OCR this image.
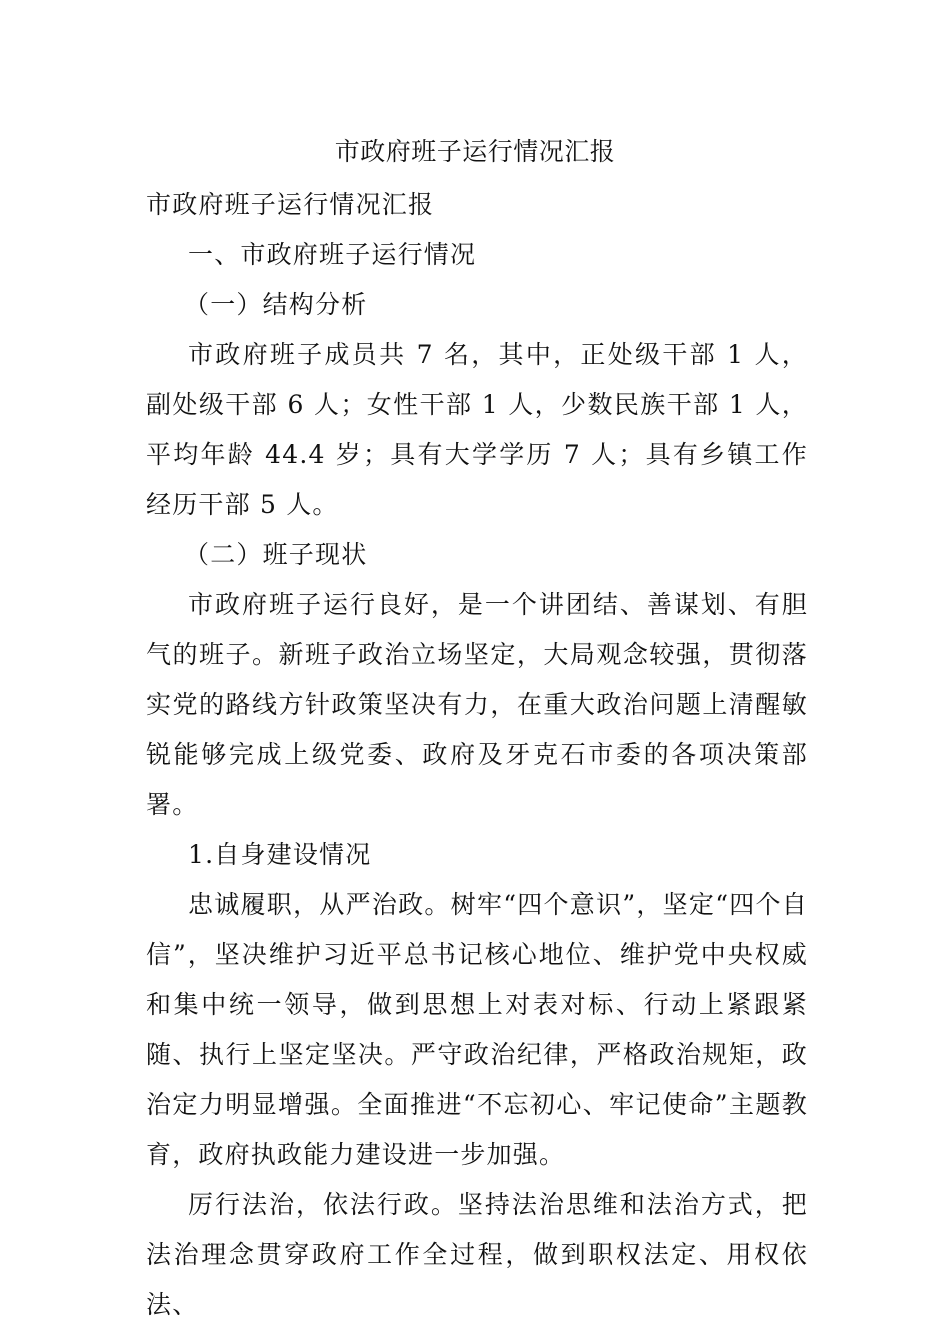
市政府班子运行情况汇报

市政府班子运行情况汇报

一、市政府班子运行情况

（一）结构分析

市政府班子成员共 7 名，其中，正处级干部 1 人，副处级干部 6 人；女性干部 1 人，少数民族干部 1 人，平均年龄 44.4 岁；具有大学学历 7 人；具有乡镇工作经历干部 5 人。

（二）班子现状

市政府班子运行良好，是一个讲团结、善谋划、有胆气的班子。新班子政治立场坚定，大局观念较强，贯彻落实党的路线方针政策坚决有力，在重大政治问题上清醒敏锐能够完成上级党委、政府及牙克石市委的各项决策部署。

1.自身建设情况

忠诚履职，从严治政。树牢“四个意识”，坚定“四个自信”，坚决维护习近平总书记核心地位、维护党中央权威和集中统一领导，做到思想上对表对标、行动上紧跟紧随、执行上坚定坚决。严守政治纪律，严格政治规矩，政治定力明显增强。全面推进“不忘初心、牢记使命”主题教育，政府执政能力建设进一步加强。

厉行法治，依法行政。坚持法治思维和法治方式，把法治理念贯穿政府工作全过程，做到职权法定、用权依法、
